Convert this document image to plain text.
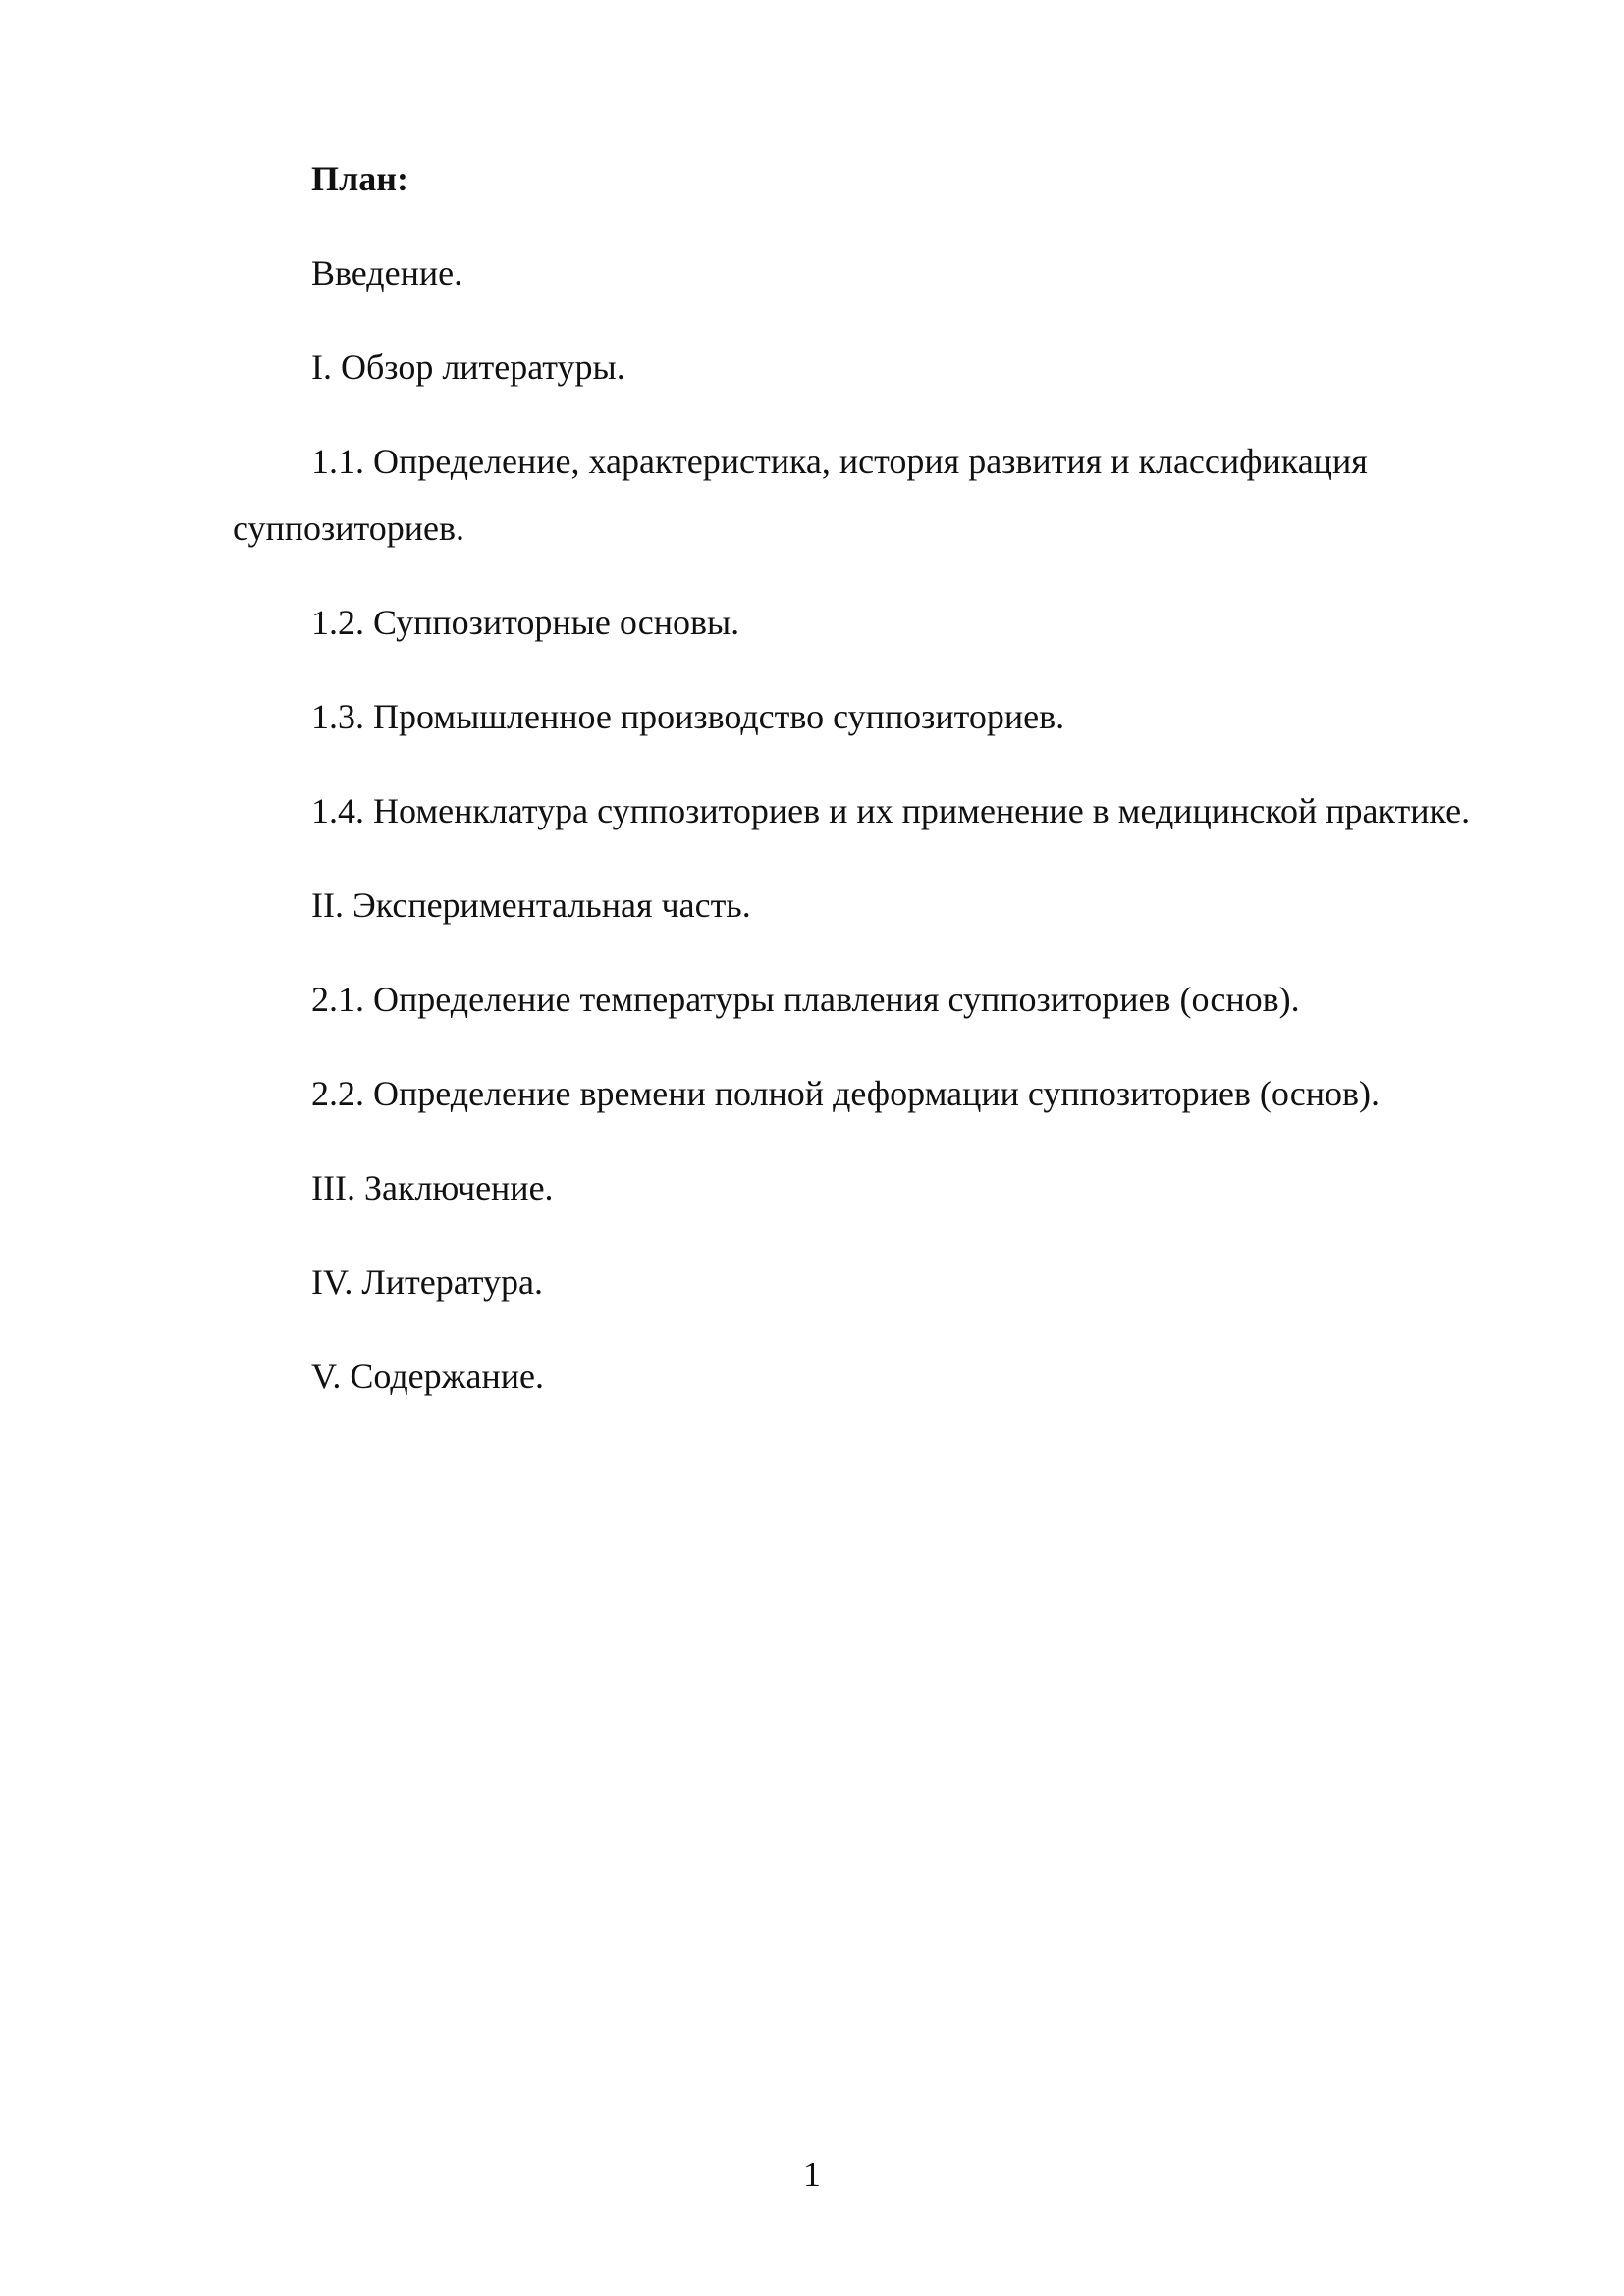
План:
Введение.
I. Обзор литературы.
1.1. Определение, характеристика, история развития и классификация суппозиториев.
1.2. Суппозиторные основы.
1.3. Промышленное производство суппозиториев.
1.4. Номенклатура суппозиториев и их применение в медицинской практике.
II. Экспериментальная часть.
2.1. Определение температуры плавления суппозиториев (основ).
2.2. Определение времени полной деформации суппозиториев (основ).
III. Заключение.
IV. Литература.
V. Содержание.
1
